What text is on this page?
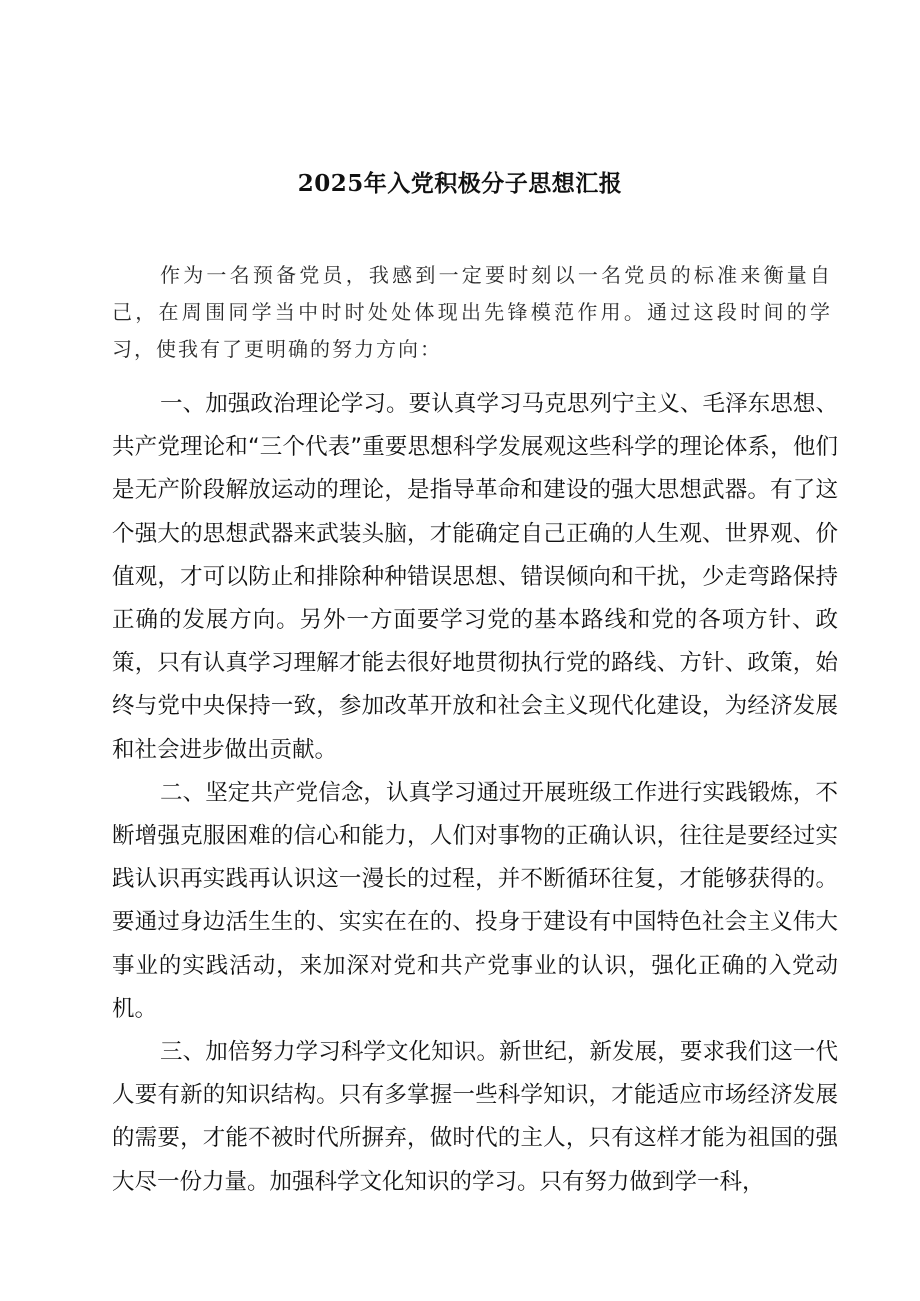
2025年入党积极分子思想汇报

作为一名预备党员，我感到一定要时刻以一名党员的标准来衡量自己，在周围同学当中时时处处体现出先锋模范作用。通过这段时间的学习，使我有了更明确的努力方向：

一、加强政治理论学习。要认真学习马克思列宁主义、毛泽东思想、共产党理论和“三个代表”重要思想科学发展观这些科学的理论体系，他们是无产阶段解放运动的理论，是指导革命和建设的强大思想武器。有了这个强大的思想武器来武装头脑，才能确定自己正确的人生观、世界观、价值观，才可以防止和排除种种错误思想、错误倾向和干扰，少走弯路保持正确的发展方向。另外一方面要学习党的基本路线和党的各项方针、政策，只有认真学习理解才能去很好地贯彻执行党的路线、方针、政策，始终与党中央保持一致，参加改革开放和社会主义现代化建设，为经济发展和社会进步做出贡献。

二、坚定共产党信念，认真学习通过开展班级工作进行实践锻炼，不断增强克服困难的信心和能力，人们对事物的正确认识，往往是要经过实践认识再实践再认识这一漫长的过程，并不断循环往复，才能够获得的。要通过身边活生生的、实实在在的、投身于建设有中国特色社会主义伟大事业的实践活动，来加深对党和共产党事业的认识，强化正确的入党动机。

三、加倍努力学习科学文化知识。新世纪，新发展，要求我们这一代人要有新的知识结构。只有多掌握一些科学知识，才能适应市场经济发展的需要，才能不被时代所摒弃，做时代的主人，只有这样才能为祖国的强大尽一份力量。加强科学文化知识的学习。只有努力做到学一科，
